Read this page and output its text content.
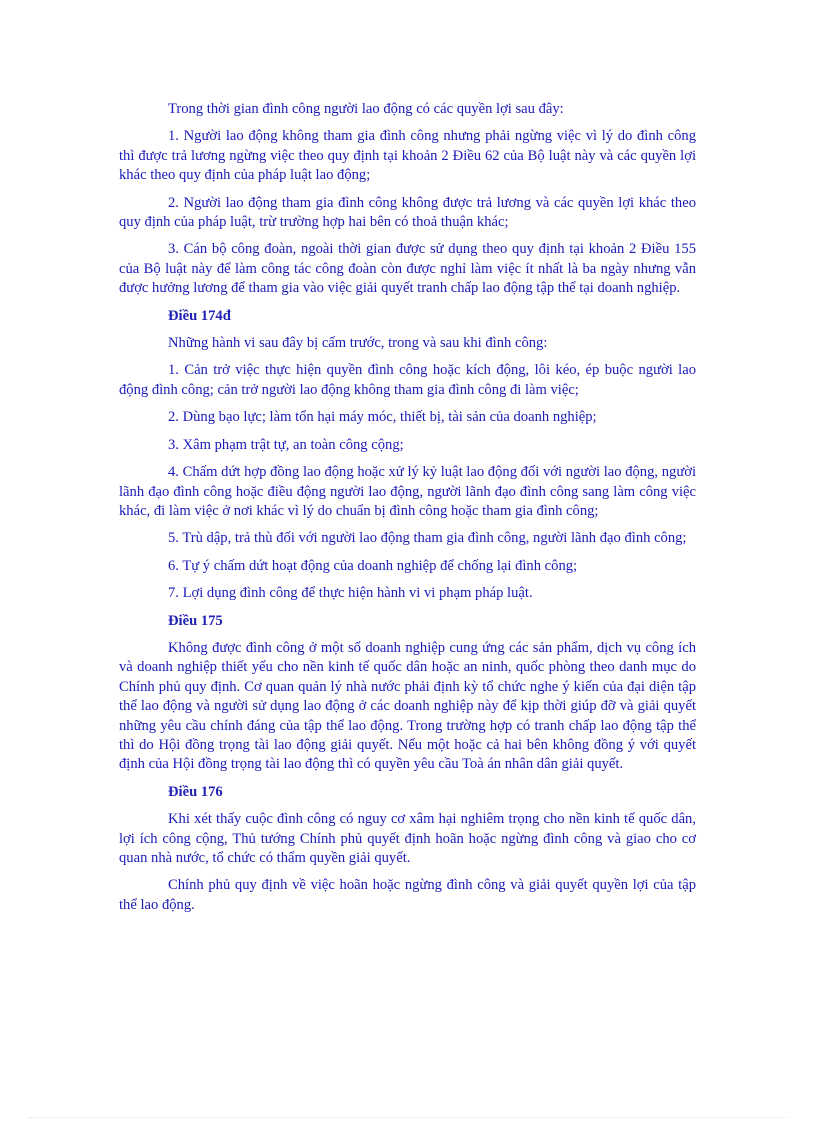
Trong thời gian đình công người lao động có các quyền lợi sau đây:

1. Người lao động không tham gia đình công nhưng phải ngừng việc vì lý do đình công thì được trả lương ngừng việc theo quy định tại khoản 2 Điều 62 của Bộ luật này và các quyền lợi khác theo quy định của pháp luật lao động;

2. Người lao động tham gia đình công không được trả lương và các quyền lợi khác theo quy định của pháp luật, trừ trường hợp hai bên có thoả thuận khác;

3. Cán bộ công đoàn, ngoài thời gian được sử dụng theo quy định tại khoản 2 Điều 155 của Bộ luật này để làm công tác công đoàn còn được nghỉ làm việc ít nhất là ba ngày nhưng vẫn được hưởng lương để tham gia vào việc giải quyết tranh chấp lao động tập thể tại doanh nghiệp.

Điều 174đ

Những hành vi sau đây bị cấm trước, trong và sau khi đình công:

1. Cản trở việc thực hiện quyền đình công hoặc kích động, lôi kéo, ép buộc người lao động đình công; cản trở người lao động không tham gia đình công đi làm việc;

2. Dùng bạo lực; làm tổn hại máy móc, thiết bị, tài sản của doanh nghiệp;

3. Xâm phạm trật tự, an toàn công cộng;

4. Chấm dứt hợp đồng lao động hoặc xử lý kỷ luật lao động đối với người lao động, người lãnh đạo đình công hoặc điều động người lao động, người lãnh đạo đình công sang làm công việc khác, đi làm việc ở nơi khác vì lý do chuẩn bị đình công hoặc tham gia đình công;

5. Trù dập, trả thù đối với người lao động tham gia đình công, người lãnh đạo đình công;

6. Tự ý chấm dứt hoạt động của doanh nghiệp để chống lại đình công;

7. Lợi dụng đình công để thực hiện hành vi vi phạm pháp luật.

Điều 175

Không được đình công ở một số doanh nghiệp cung ứng các sản phẩm, dịch vụ công ích và doanh nghiệp thiết yếu cho nền kinh tế quốc dân hoặc an ninh, quốc phòng theo danh mục do Chính phủ quy định. Cơ quan quản lý nhà nước phải định kỳ tổ chức nghe ý kiến của đại diện tập thể lao động và người sử dụng lao động ở các doanh nghiệp này để kịp thời giúp đỡ và giải quyết những yêu cầu chính đáng của tập thể lao động. Trong trường hợp có tranh chấp lao động tập thể thì do Hội đồng trọng tài lao động giải quyết. Nếu một hoặc cả hai bên không đồng ý với quyết định của Hội đồng trọng tài lao động thì có quyền yêu cầu Toà án nhân dân giải quyết.

Điều 176

Khi xét thấy cuộc đình công có nguy cơ xâm hại nghiêm trọng cho nền kinh tế quốc dân, lợi ích công cộng, Thủ tướng Chính phủ quyết định hoãn hoặc ngừng đình công và giao cho cơ quan nhà nước, tổ chức có thẩm quyền giải quyết.

Chính phủ quy định về việc hoãn hoặc ngừng đình công và giải quyết quyền lợi của tập thể lao động.
